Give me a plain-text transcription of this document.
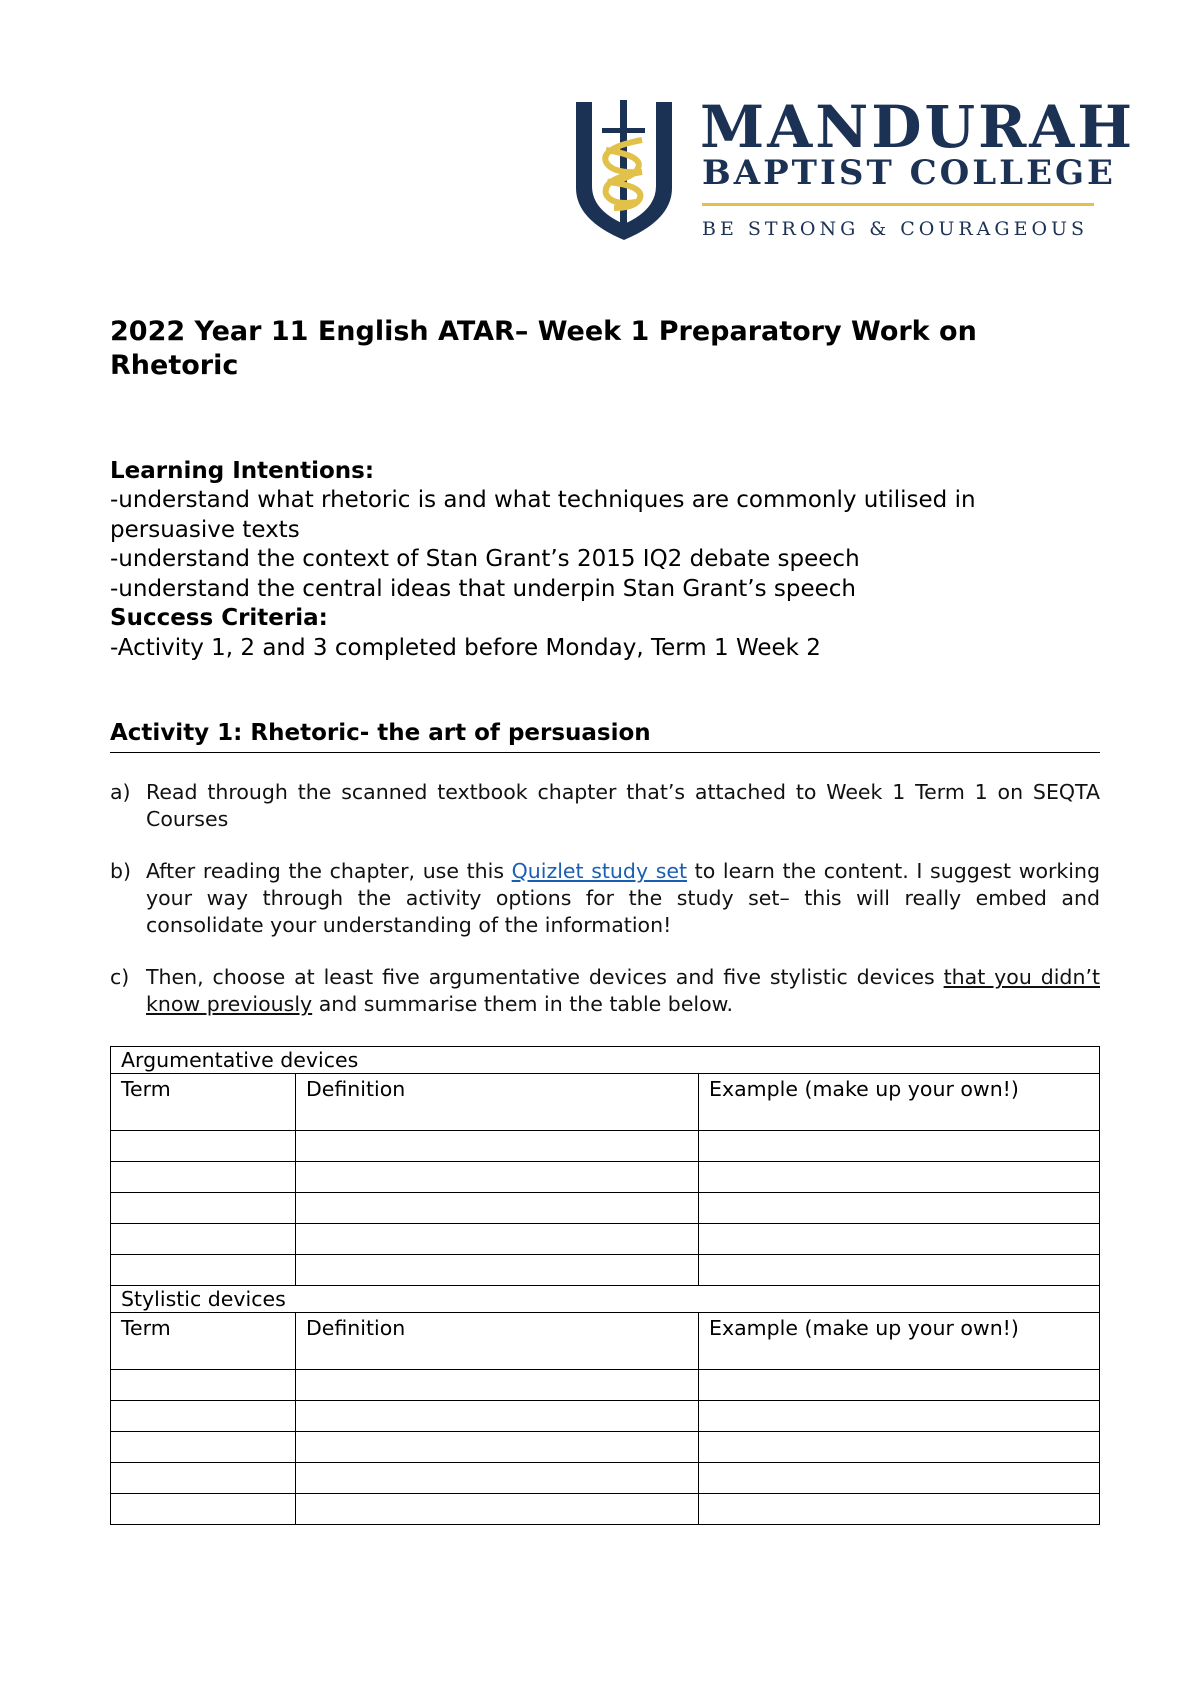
MANDURAH
BAPTIST COLLEGE
BE STRONG & COURAGEOUS
2022 Year 11 English ATAR– Week 1 Preparatory Work on Rhetoric
Learning Intentions:

-understand what rhetoric is and what techniques are commonly utilised in persuasive texts

-understand the context of Stan Grant’s 2015 IQ2 debate speech

-understand the central ideas that underpin Stan Grant’s speech

Success Criteria:

-Activity 1, 2 and 3 completed before Monday, Term 1 Week 2

Activity 1: Rhetoric- the art of persuasion
a) Read through the scanned textbook chapter that’s attached to Week 1 Term 1 on SEQTA Courses
b) After reading the chapter, use this Quizlet study set to learn the content. I suggest working your way through the activity options for the study set– this will really embed and consolidate your understanding of the information!
c) Then, choose at least five argumentative devices and five stylistic devices that you didn’t know previously and summarise them in the table below.
Argumentative devices		
Term	Definition	Example (make up your own!)

Stylistic devices		
Term	Definition	Example (make up your own!)
